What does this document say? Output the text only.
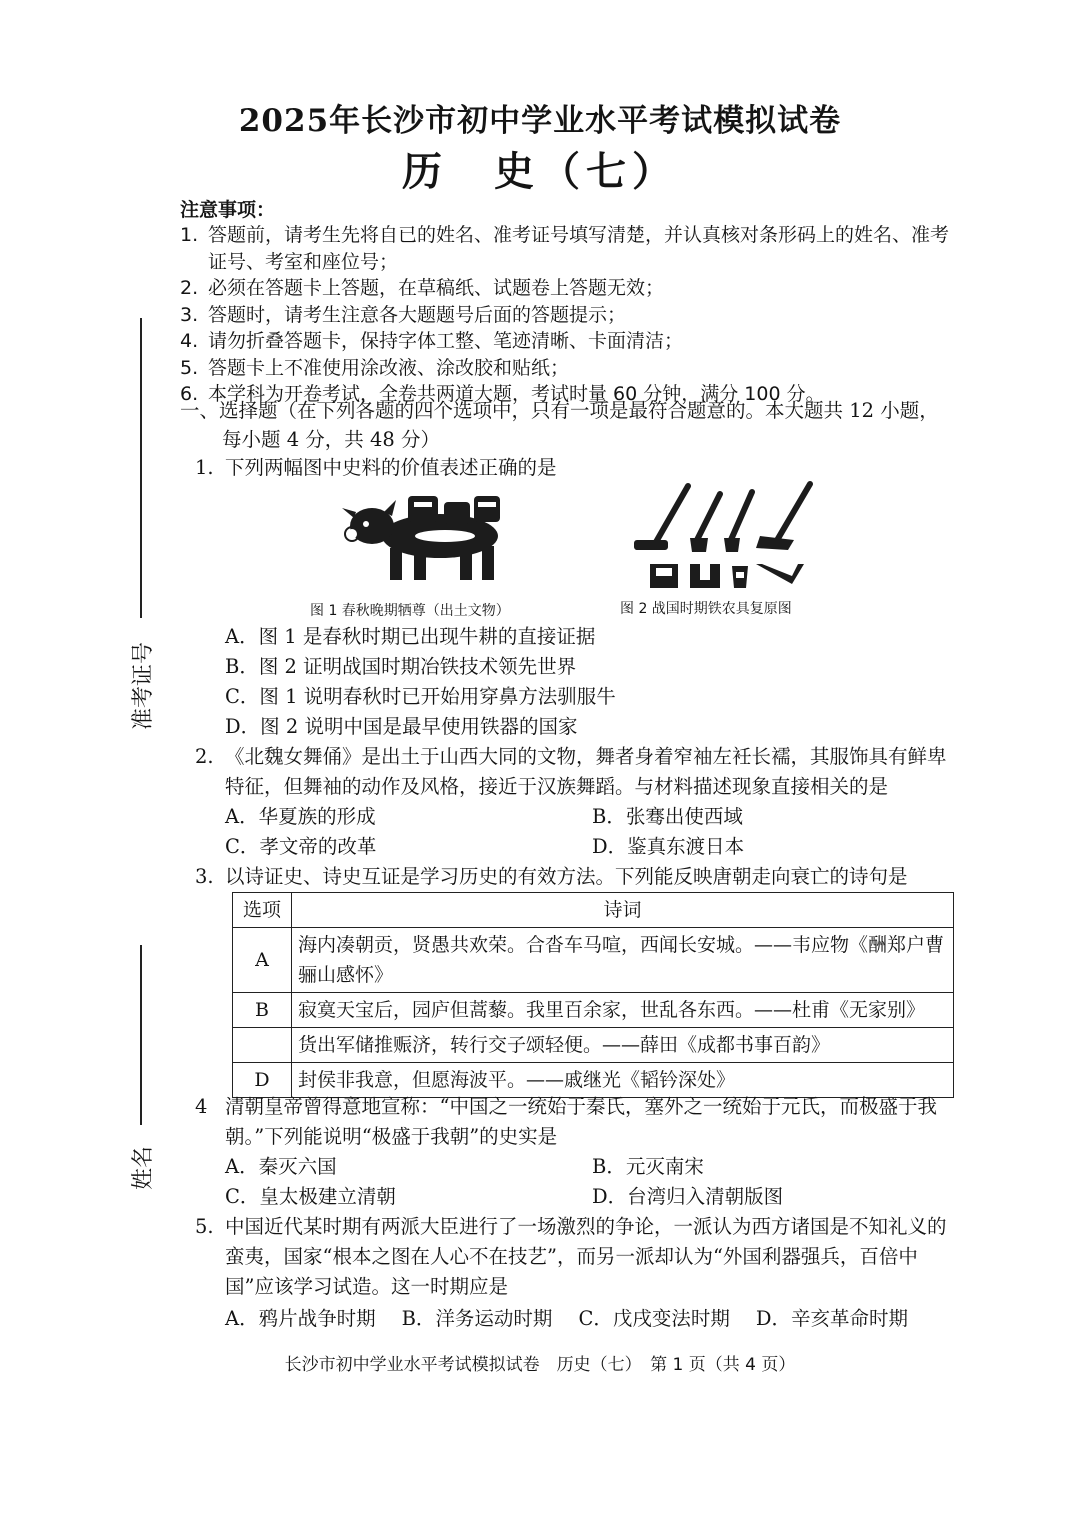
准考证号
姓名
2025年长沙市初中学业水平考试模拟试卷
历　史（七）
注意事项：
1. 答题前，请考生先将自已的姓名、准考证号填写清楚，并认真核对条形码上的姓名、准考证号、考室和座位号；
2. 必须在答题卡上答题，在草稿纸、试题卷上答题无效；
3. 答题时，请考生注意各大题题号后面的答题提示；
4. 请勿折叠答题卡，保持字体工整、笔迹清晰、卡面清洁；
5. 答题卡上不准使用涂改液、涂改胶和贴纸；
6. 本学科为开卷考试，全卷共两道大题，考试时量 60 分钟，满分 100 分。
一、选择题（在下列各题的四个选项中，只有一项是最符合题意的。本大题共 12 小题，
每小题 4 分，共 48 分）
1. 下列两幅图中史料的价值表述正确的是
图 1 春秋晚期牺尊（出土文物）	图 2 战国时期铁农具复原图
A．图 1 是春秋时期已出现牛耕的直接证据
B．图 2 证明战国时期冶铁技术领先世界
C．图 1 说明春秋时已开始用穿鼻方法驯服牛
D．图 2 说明中国是最早使用铁器的国家
2. 《北魏女舞俑》是出土于山西大同的文物，舞者身着窄袖左衽长襦，其服饰具有鲜卑特征，但舞袖的动作及风格，接近于汉族舞蹈。与材料描述现象直接相关的是
A．华夏族的形成	B．张骞出使西域
C．孝文帝的改革	D．鉴真东渡日本
3. 以诗证史、诗史互证是学习历史的有效方法。下列能反映唐朝走向衰亡的诗句是
选项	诗词
A	海内凑朝贡，贤愚共欢荣。合沓车马喧，西闻长安城。——韦应物《酬郑户曹骊山感怀》
B	寂寞天宝后，园庐但蒿藜。我里百余家，世乱各东西。——杜甫《无家别》
	货出军储推赈济，转行交子颂轻便。——薛田《成都书事百韵》
D	封侯非我意，但愿海波平。——戚继光《韬钤深处》
4 清朝皇帝曾得意地宣称：“中国之一统始于秦氏，塞外之一统始于元氏，而极盛于我朝。”下列能说明“极盛于我朝”的史实是
A．秦灭六国	B．元灭南宋
C．皇太极建立清朝	D．台湾归入清朝版图
5. 中国近代某时期有两派大臣进行了一场激烈的争论，一派认为西方诸国是不知礼义的蛮夷，国家“根本之图在人心不在技艺”，而另一派却认为“外国利器强兵，百倍中国”应该学习试造。这一时期应是
A．鸦片战争时期 B．洋务运动时期 C．戊戌变法时期 D．辛亥革命时期
长沙市初中学业水平考试模拟试卷　历史（七）　第 1 页（共 4 页）
